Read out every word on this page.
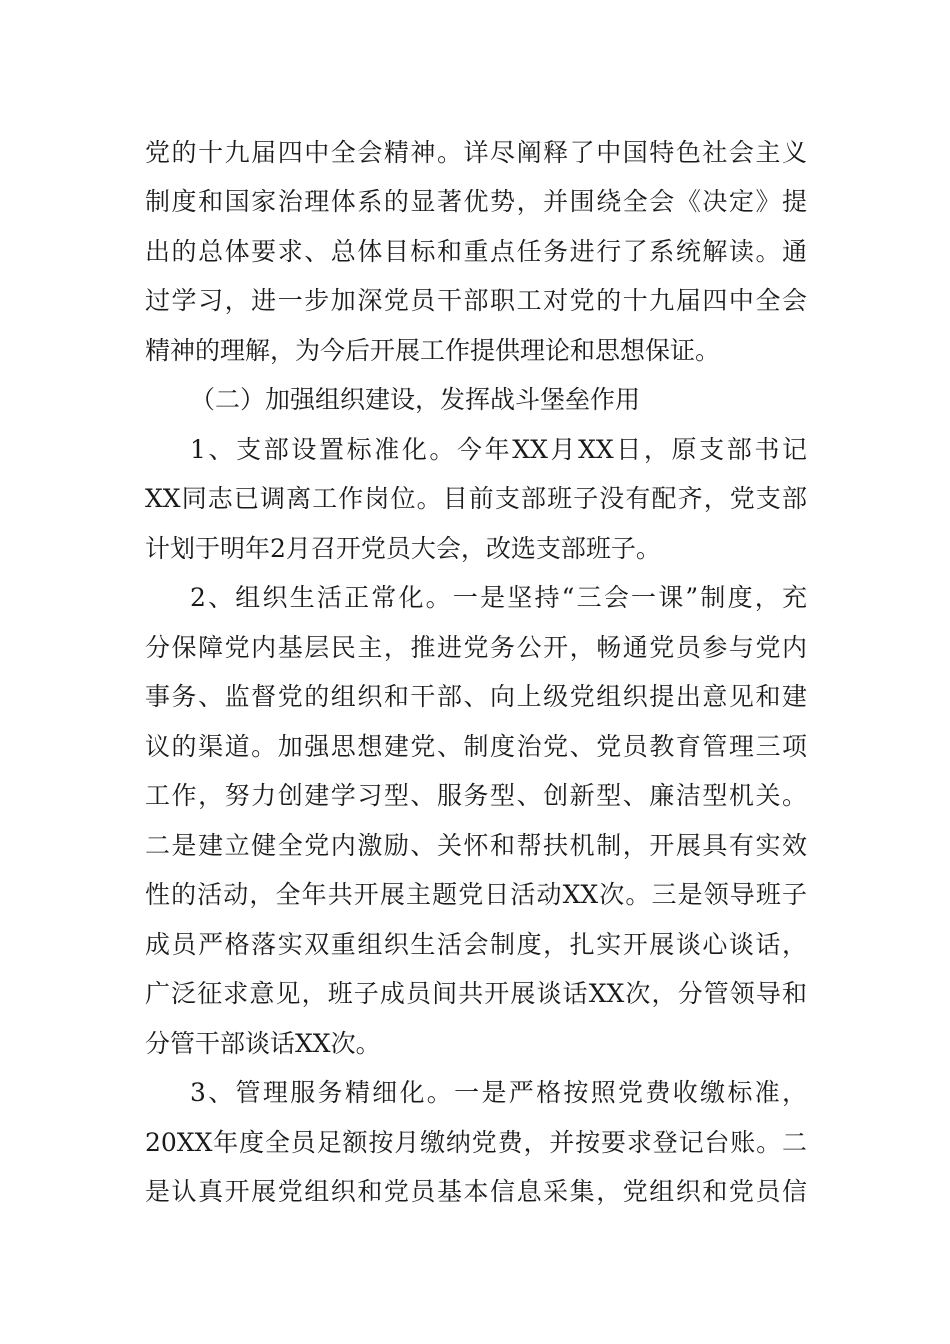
党的十九届四中全会精神。详尽阐释了中国特色社会主义
制度和国家治理体系的显著优势，并围绕全会《决定》提
出的总体要求、总体目标和重点任务进行了系统解读。通
过学习，进一步加深党员干部职工对党的十九届四中全会
精神的理解，为今后开展工作提供理论和思想保证。
（二）加强组织建设，发挥战斗堡垒作用
1、支部设置标准化。今年XX月XX日，原支部书记
XX同志已调离工作岗位。目前支部班子没有配齐，党支部
计划于明年2月召开党员大会，改选支部班子。
2、组织生活正常化。一是坚持“三会一课”制度，充
分保障党内基层民主，推进党务公开，畅通党员参与党内
事务、监督党的组织和干部、向上级党组织提出意见和建
议的渠道。加强思想建党、制度治党、党员教育管理三项
工作，努力创建学习型、服务型、创新型、廉洁型机关。
二是建立健全党内激励、关怀和帮扶机制，开展具有实效
性的活动，全年共开展主题党日活动XX次。三是领导班子
成员严格落实双重组织生活会制度，扎实开展谈心谈话，
广泛征求意见，班子成员间共开展谈话XX次，分管领导和
分管干部谈话XX次。
3、管理服务精细化。一是严格按照党费收缴标准，
20XX年度全员足额按月缴纳党费，并按要求登记台账。二
是认真开展党组织和党员基本信息采集，党组织和党员信
